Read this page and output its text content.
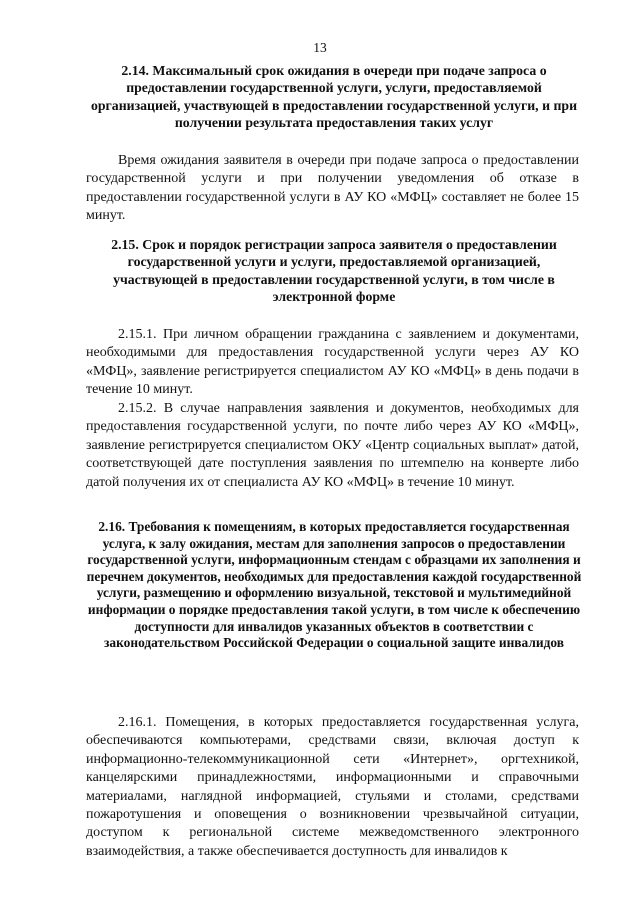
13
2.14. Максимальный срок ожидания в очереди при подаче запроса о предоставлении государственной услуги, услуги, предоставляемой организацией, участвующей в предоставлении государственной услуги, и при получении результата предоставления таких услуг
Время ожидания заявителя в очереди при подаче запроса о предоставлении государственной услуги и при получении уведомления об отказе в предоставлении государственной услуги в АУ КО «МФЦ» составляет не более 15 минут.
2.15. Срок и порядок регистрации запроса заявителя о предоставлении государственной услуги и услуги, предоставляемой организацией, участвующей в предоставлении государственной услуги, в том числе в электронной форме
2.15.1. При личном обращении гражданина с заявлением и документами, необходимыми для предоставления государственной услуги через АУ КО «МФЦ», заявление регистрируется специалистом АУ КО «МФЦ» в день подачи в течение 10 минут.
2.15.2. В случае направления заявления и документов, необходимых для предоставления государственной услуги, по почте либо через АУ КО «МФЦ», заявление регистрируется специалистом ОКУ «Центр социальных выплат» датой, соответствующей дате поступления заявления по штемпелю на конверте либо датой получения их от специалиста АУ КО «МФЦ» в течение 10 минут.
2.16. Требования к помещениям, в которых предоставляется государственная услуга, к залу ожидания, местам для заполнения запросов о предоставлении государственной услуги, информационным стендам с образцами их заполнения и перечнем документов, необходимых для предоставления каждой государственной услуги, размещению и оформлению визуальной, текстовой и мультимедийной информации о порядке предоставления такой услуги, в том числе к обеспечению доступности для инвалидов указанных объектов в соответствии с законодательством Российской Федерации о социальной защите инвалидов
2.16.1. Помещения, в которых предоставляется государственная услуга, обеспечиваются компьютерами, средствами связи, включая доступ к информационно-телекоммуникационной сети «Интернет», оргтехникой, канцелярскими принадлежностями, информационными и справочными материалами, наглядной информацией, стульями и столами, средствами пожаротушения и оповещения о возникновении чрезвычайной ситуации, доступом к региональной системе межведомственного электронного взаимодействия, а также обеспечивается доступность для инвалидов к
